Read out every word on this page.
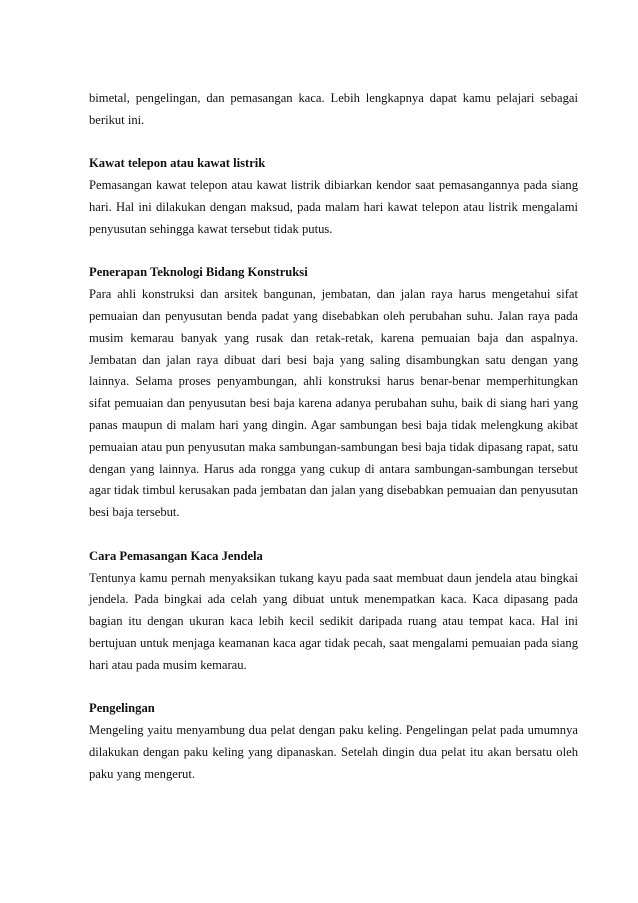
bimetal, pengelingan, dan pemasangan kaca. Lebih lengkapnya dapat kamu pelajari sebagai berikut ini.

Kawat telepon atau kawat listrik

Pemasangan kawat telepon atau kawat listrik dibiarkan kendor saat pemasangannya pada siang hari. Hal ini dilakukan dengan maksud, pada malam hari kawat telepon atau listrik mengalami penyusutan sehingga kawat tersebut tidak putus.

Penerapan Teknologi Bidang Konstruksi

Para ahli konstruksi dan arsitek bangunan, jembatan, dan jalan raya harus mengetahui sifat pemuaian dan penyusutan benda padat yang disebabkan oleh perubahan suhu. Jalan raya pada musim kemarau banyak yang rusak dan retak-retak, karena pemuaian baja dan aspalnya. Jembatan dan jalan raya dibuat dari besi baja yang saling disambungkan satu dengan yang lainnya. Selama proses penyambungan, ahli konstruksi harus benar-benar memperhitungkan sifat pemuaian dan penyusutan besi baja karena adanya perubahan suhu, baik di siang hari yang panas maupun di malam hari yang dingin. Agar sambungan besi baja tidak melengkung akibat pemuaian atau pun penyusutan maka sambungan-sambungan besi baja tidak dipasang rapat, satu dengan yang lainnya. Harus ada rongga yang cukup di antara sambungan-sambungan tersebut agar tidak timbul kerusakan pada jembatan dan jalan yang disebabkan pemuaian dan penyusutan besi baja tersebut.

Cara Pemasangan Kaca Jendela

Tentunya kamu pernah menyaksikan tukang kayu pada saat membuat daun jendela atau bingkai jendela. Pada bingkai ada celah yang dibuat untuk menempatkan kaca. Kaca dipasang pada bagian itu dengan ukuran kaca lebih kecil sedikit daripada ruang atau tempat kaca. Hal ini bertujuan untuk menjaga keamanan kaca agar tidak pecah, saat mengalami pemuaian pada siang hari atau pada musim kemarau.

Pengelingan

Mengeling yaitu menyambung dua pelat dengan paku keling. Pengelingan pelat pada umumnya dilakukan dengan paku keling yang dipanaskan. Setelah dingin dua pelat itu akan bersatu oleh paku yang mengerut.
